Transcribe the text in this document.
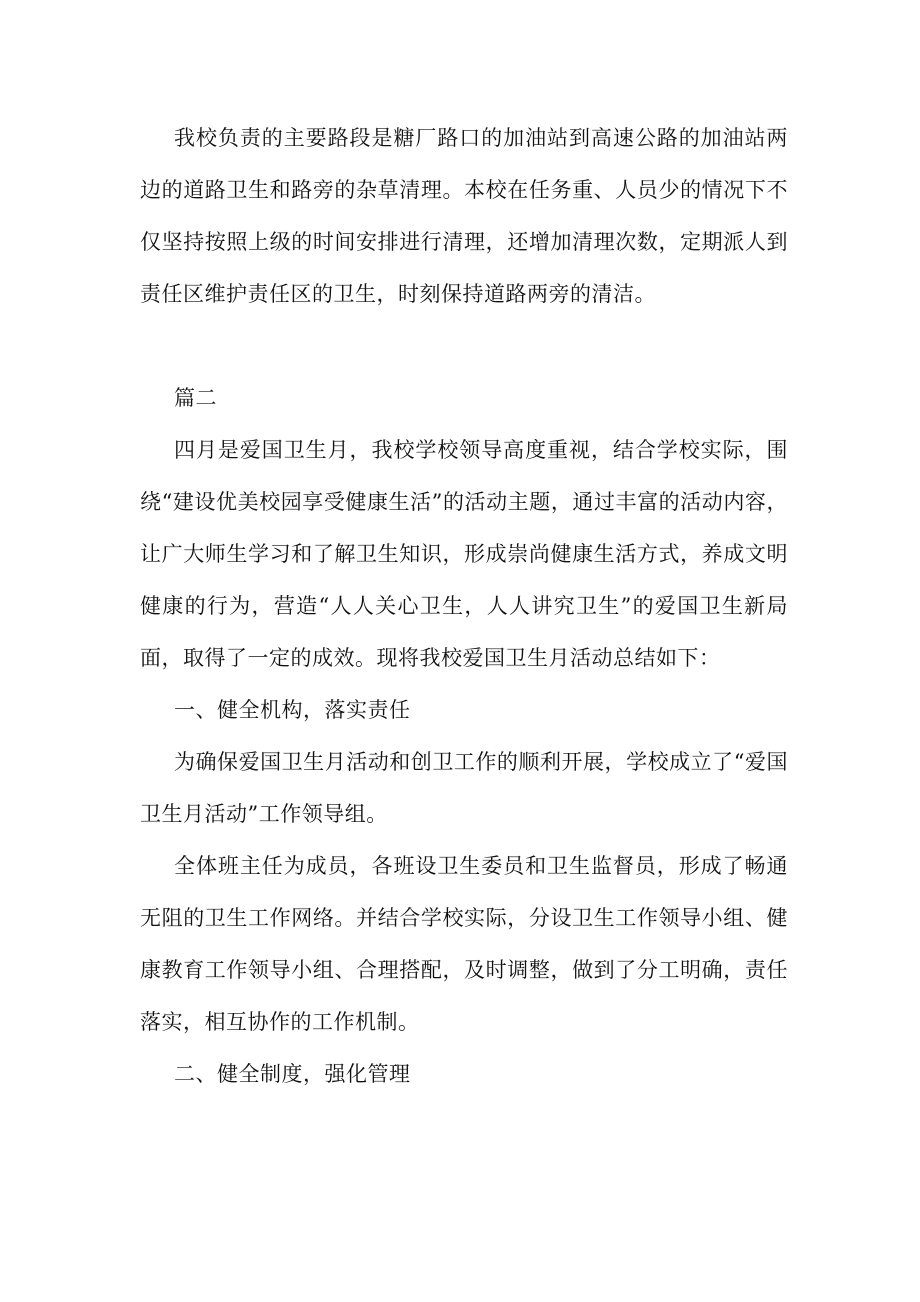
我校负责的主要路段是糖厂路口的加油站到高速公路的加油站两边的道路卫生和路旁的杂草清理。本校在任务重、人员少的情况下不仅坚持按照上级的时间安排进行清理，还增加清理次数，定期派人到责任区维护责任区的卫生，时刻保持道路两旁的清洁。

篇二

四月是爱国卫生月，我校学校领导高度重视，结合学校实际，围绕“建设优美校园享受健康生活”的活动主题，通过丰富的活动内容，让广大师生学习和了解卫生知识，形成崇尚健康生活方式，养成文明健康的行为，营造“人人关心卫生，人人讲究卫生”的爱国卫生新局面，取得了一定的成效。现将我校爱国卫生月活动总结如下：

一、健全机构，落实责任

为确保爱国卫生月活动和创卫工作的顺利开展，学校成立了“爱国卫生月活动”工作领导组。

全体班主任为成员，各班设卫生委员和卫生监督员，形成了畅通无阻的卫生工作网络。并结合学校实际，分设卫生工作领导小组、健康教育工作领导小组、合理搭配，及时调整，做到了分工明确，责任落实，相互协作的工作机制。

二、健全制度，强化管理
